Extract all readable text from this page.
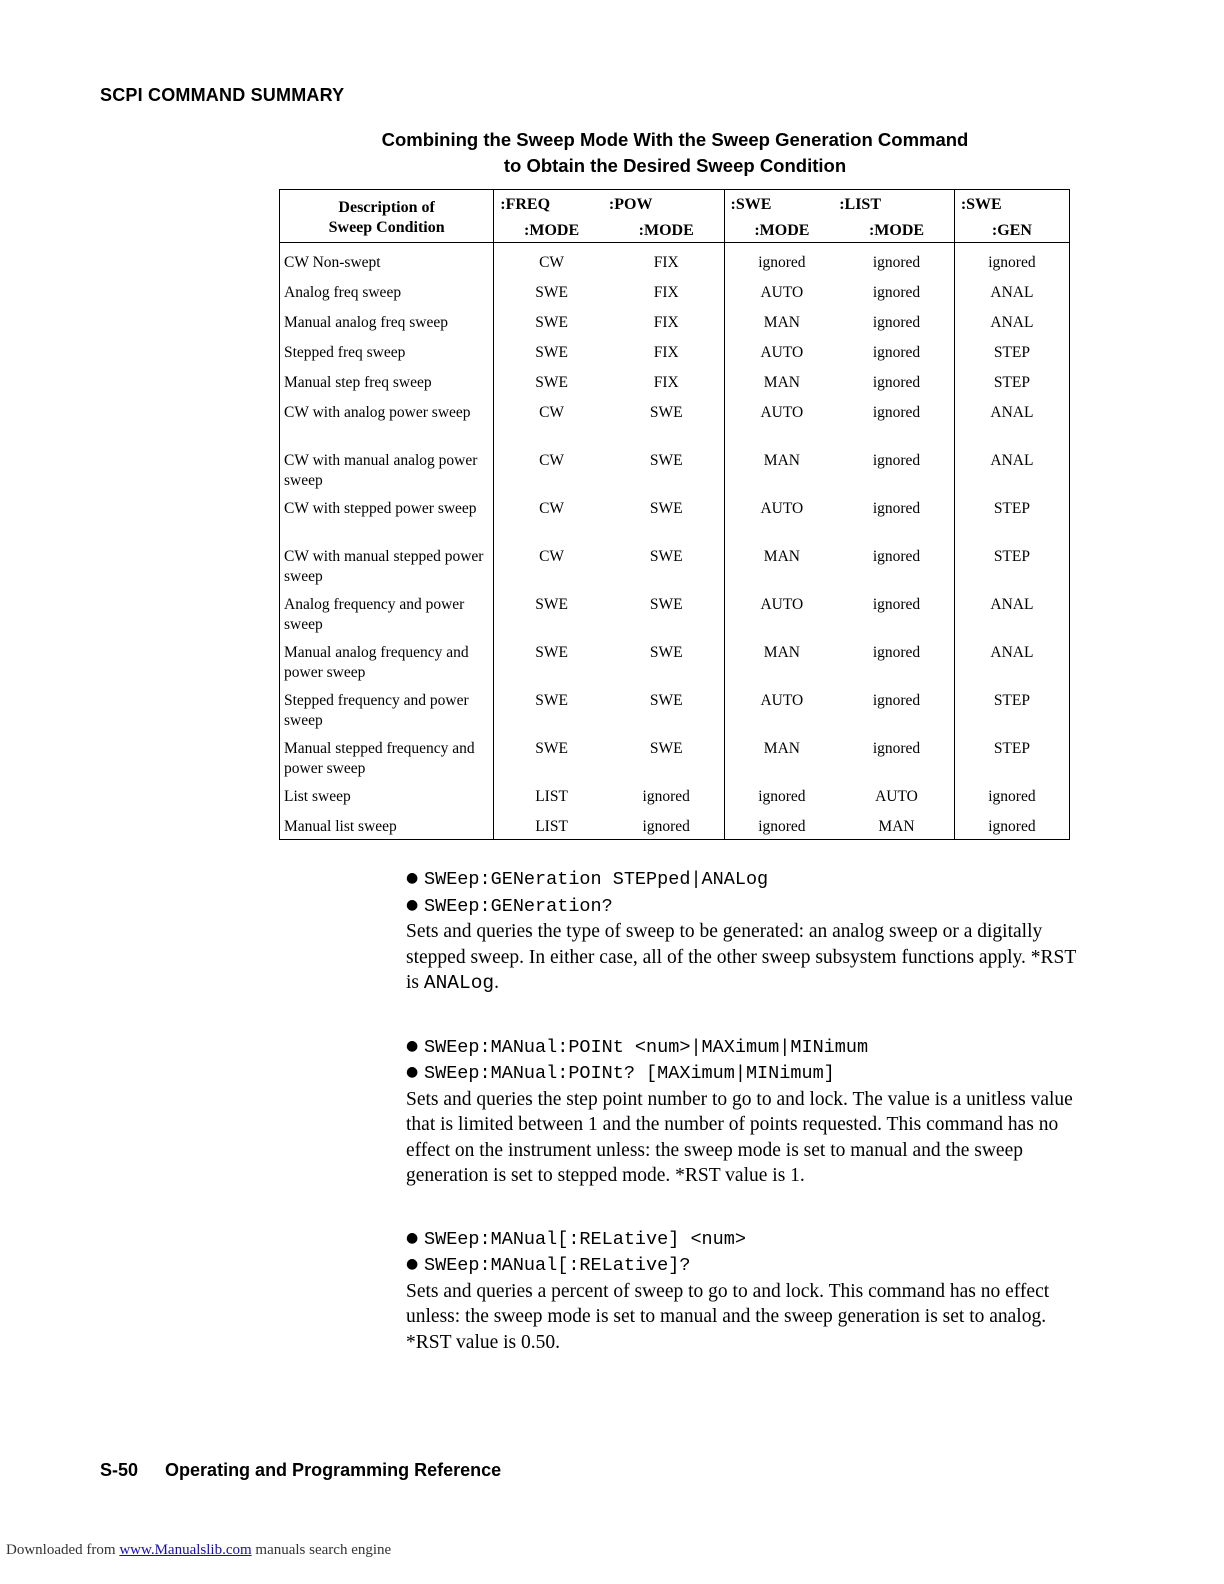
SCPI COMMAND SUMMARY
Combining the Sweep Mode With the Sweep Generation Command
to Obtain the Desired Sweep Condition
Description of
Sweep Condition	:FREQ	:POW	:SWE	:LIST	:SWE
	:MODE	:MODE	:MODE	:MODE	:GEN
CW Non-swept	CW	FIX	ignored	ignored	ignored
Analog freq sweep	SWE	FIX	AUTO	ignored	ANAL
Manual analog freq sweep	SWE	FIX	MAN	ignored	ANAL
Stepped freq sweep	SWE	FIX	AUTO	ignored	STEP
Manual step freq sweep	SWE	FIX	MAN	ignored	STEP
CW with analog power sweep	CW	SWE	AUTO	ignored	ANAL
CW with manual analog power sweep	CW	SWE	MAN	ignored	ANAL
CW with stepped power sweep	CW	SWE	AUTO	ignored	STEP
CW with manual stepped power sweep	CW	SWE	MAN	ignored	STEP
Analog frequency and power sweep	SWE	SWE	AUTO	ignored	ANAL
Manual analog frequency and power sweep	SWE	SWE	MAN	ignored	ANAL
Stepped frequency and power sweep	SWE	SWE	AUTO	ignored	STEP
Manual stepped frequency and power sweep	SWE	SWE	MAN	ignored	STEP
List sweep	LIST	ignored	ignored	AUTO	ignored
Manual list sweep	LIST	ignored	ignored	MAN	ignored
● SWEep:GENeration STEPped|ANALog
● SWEep:GENeration?

Sets and queries the type of sweep to be generated: an analog sweep or a digitally stepped sweep. In either case, all of the other sweep subsystem functions apply. *RST is ANALog.

● SWEep:MANual:POINt <num>|MAXimum|MINimum
● SWEep:MANual:POINt? [MAXimum|MINimum]

Sets and queries the step point number to go to and lock. The value is a unitless value that is limited between 1 and the number of points requested. This command has no effect on the instrument unless: the sweep mode is set to manual and the sweep generation is set to stepped mode. *RST value is 1.

● SWEep:MANual[:RELative] <num>
● SWEep:MANual[:RELative]?

Sets and queries a percent of sweep to go to and lock. This command has no effect unless: the sweep mode is set to manual and the sweep generation is set to analog. *RST value is 0.50.

S-50 Operating and Programming Reference
Downloaded from www.Manualslib.com manuals search engine
